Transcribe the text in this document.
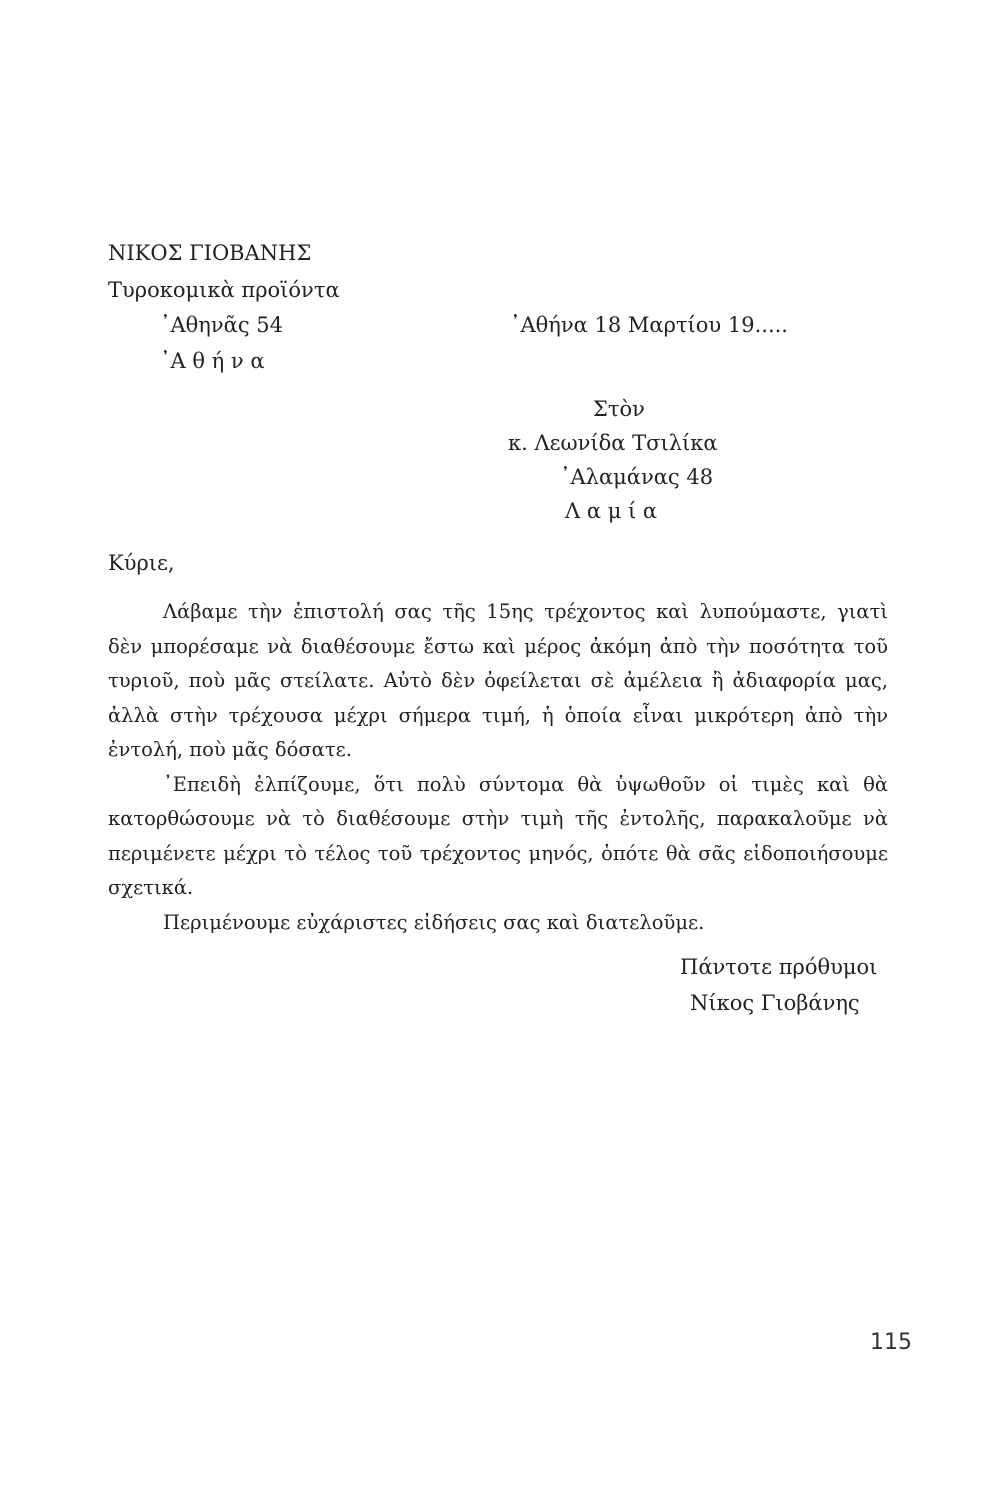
ΝΙΚΟΣ ΓΙΟΒΑΝΗΣ
Τυροκομικὰ προϊόντα
᾿Αθηνᾶς 54
᾿Α θ ή ν α
᾿Αθήνα 18 Μαρτίου 19.....
Στὸν
κ. Λεωνίδα Τσιλίκα
᾿Αλαμάνας 48
Λ α μ ί α
Κύριε,

Λάβαμε τὴν ἐπιστολή σας τῆς 15ης τρέχοντος καὶ λυπούμαστε, γιατὶ δὲν μπορέσαμε νὰ διαθέσουμε ἔστω καὶ μέρος ἀκόμη ἀπὸ τὴν ποσότητα τοῦ τυριοῦ, ποὺ μᾶς στείλατε. Αὐτὸ δὲν ὀφείλεται σὲ ἀμέλεια ἢ ἀδιαφορία μας, ἀλλὰ στὴν τρέχουσα μέχρι σήμερα τιμή, ἡ ὁποία εἶναι μικρότερη ἀπὸ τὴν ἐντολή, ποὺ μᾶς δόσατε.

᾿Επειδὴ ἐλπίζουμε, ὅτι πολὺ σύντομα θὰ ὑψωθοῦν οἱ τιμὲς καὶ θὰ κατορθώσουμε νὰ τὸ διαθέσουμε στὴν τιμὴ τῆς ἐντολῆς, παρακαλοῦμε νὰ περιμένετε μέχρι τὸ τέλος τοῦ τρέχοντος μηνός, ὁπότε θὰ σᾶς εἰδοποιήσουμε σχετικά.

Περιμένουμε εὐχάριστες εἰδήσεις σας καὶ διατελοῦμε.

Πάντοτε πρόθυμοι
Νίκος Γιοβάνης
115
